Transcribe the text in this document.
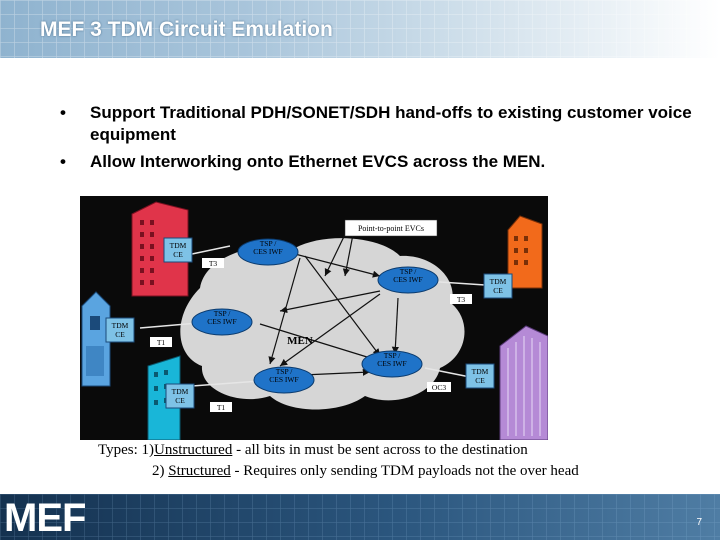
MEF 3 TDM Circuit Emulation
• Support Traditional PDH/SONET/SDH hand-offs to existing customer voice equipment
• Allow Interworking onto Ethernet EVCS across the MEN.
Point-to-point EVCs
MEN
TSP /
CES IWF
TSP /
CES IWF
TSP /
CES IWF
TSP /
CES IWF
TSP /
CES IWF
TDM
CE
TDM
CE
TDM
CE
TDM
CE
TDM
CE
T3
T3
T1
T1
OC3
Types: 1)Unstructured - all bits in must be sent across to the destination
2) Structured - Requires only sending TDM payloads not the over head
MEF	7
